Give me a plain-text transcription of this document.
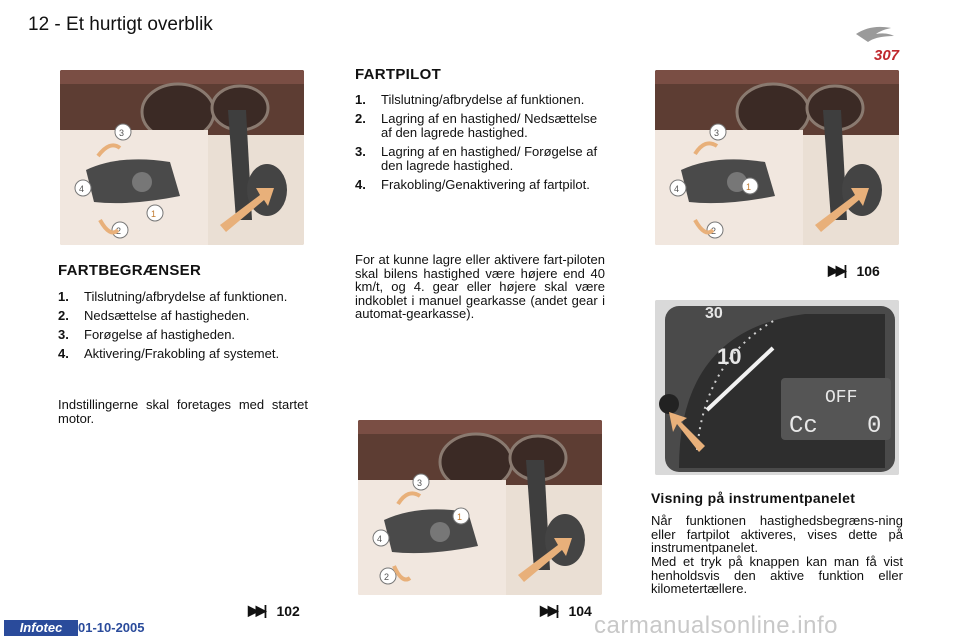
12 - Et hurtigt overblik
307
3
4
1
2
FARTBEGRÆNSER
1.	Tilslutning/afbrydelse af funktionen.
2.	Nedsættelse af hastigheden.
3.	Forøgelse af hastigheden.
4.	Aktivering/Frakobling af systemet.
Indstillingerne skal foretages med startet motor.
▶▶| 102
FARTPILOT
1.	Tilslutning/afbrydelse af funktionen.
2.	Lagring af en hastighed/ Nedsættelse af den lagrede hastighed.
3.	Lagring af en hastighed/ Forøgelse af den lagrede hastighed.
4.	Frakobling/Genaktivering af fartpilot.
For at kunne lagre eller aktivere fart-piloten skal bilens hastighed være højere end 40 km/t, og 4. gear eller højere skal være indkoblet i manuel gearkasse (andet gear i automat-gearkasse).
3
4
1
2
▶▶| 104
3
4	1
2
▶▶| 106
30
10
OFF
Cc 0
Visning på instrumentpanelet
Når funktionen hastighedsbegræns-ning eller fartpilot aktiveres, vises dette på instrumentpanelet.
Med et tryk på knappen kan man få vist henholdsvis den aktive funktion eller kilometertællere.
Infotec	01-10-2005	carmanualsonline.info
